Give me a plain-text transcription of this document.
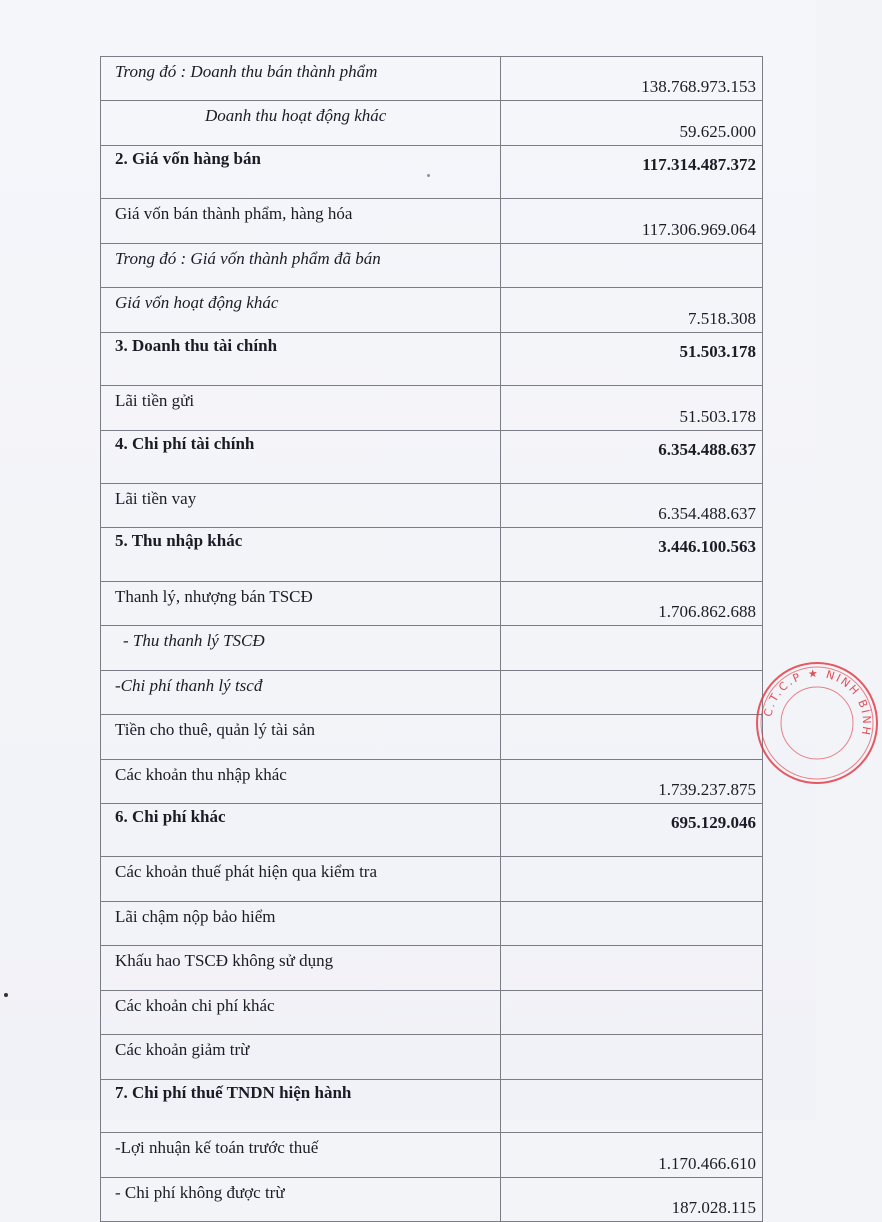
Trong đó : Doanh thu bán thành phẩm	138.768.973.153
Doanh thu hoạt động khác	59.625.000
2. Giá vốn hàng bán	117.314.487.372
Giá vốn bán thành phẩm, hàng hóa	117.306.969.064
Trong đó : Giá vốn thành phẩm đã bán	
Giá vốn hoạt động khác	7.518.308
3. Doanh thu tài chính	51.503.178
Lãi tiền gửi	51.503.178
4. Chi phí tài chính	6.354.488.637
Lãi tiền vay	6.354.488.637
5. Thu nhập khác	3.446.100.563
Thanh lý, nhượng bán TSCĐ	1.706.862.688
- Thu thanh lý TSCĐ	
-Chi phí thanh lý tscđ	
Tiền cho thuê, quản lý tài sản	
Các khoản thu nhập khác	1.739.237.875
6. Chi phí khác	695.129.046
Các khoản thuế phát hiện qua kiểm tra	
Lãi chậm nộp bảo hiểm	
Khấu hao TSCĐ không sử dụng	
Các khoản chi phí khác	
Các khoản giảm trừ	
7. Chi phí thuế TNDN hiện hành	
-Lợi nhuận kế toán trước thuế	1.170.466.610
- Chi phí không được trừ	187.028.115
C.T.C.P ★ NINH BÌNH
